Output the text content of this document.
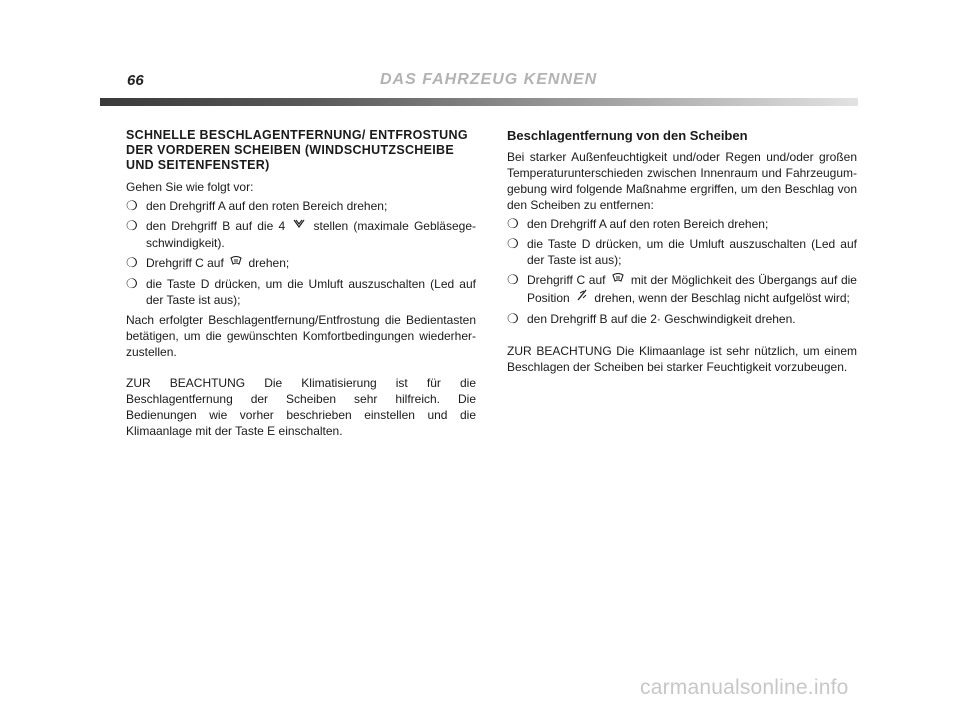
66	DAS FAHRZEUG KENNEN
SCHNELLE BESCHLAGENTFERNUNG/ ENTFROSTUNG DER VORDEREN SCHEIBEN (WINDSCHUTZSCHEIBE UND SEITENFENSTER)

Gehen Sie wie folgt vor:

❍ den Drehgriff A auf den roten Bereich drehen;
❍ den Drehgriff B auf die 4 stellen (maximale Gebläsegeschwindigkeit).
❍ Drehgriff C auf drehen;
❍ die Taste D drücken, um die Umluft auszuschalten (Led auf der Taste ist aus);

Nach erfolgter Beschlagentfernung/Entfrostung die Bedientasten betätigen, um die gewünschten Komfortbedingungen wiederherzustellen.

ZUR BEACHTUNG Die Klimatisierung ist für die Beschlagentfernung der Scheiben sehr hilfreich. Die Bedienungen wie vorher beschrieben einstellen und die Klimaanlage mit der Taste E einschalten.

Beschlagentfernung von den Scheiben

Bei starker Außenfeuchtigkeit und/oder Regen und/oder großen Temperaturunterschieden zwischen Innenraum und Fahrzeugumgebung wird folgende Maßnahme ergriffen, um den Beschlag von den Scheiben zu entfernen:

❍ den Drehgriff A auf den roten Bereich drehen;
❍ die Taste D drücken, um die Umluft auszuschalten (Led auf der Taste ist aus);
❍ Drehgriff C auf mit der Möglichkeit des Übergangs auf die Position drehen, wenn der Beschlag nicht aufgelöst wird;
❍ den Drehgriff B auf die 2· Geschwindigkeit drehen.

ZUR BEACHTUNG Die Klimaanlage ist sehr nützlich, um einem Beschlagen der Scheiben bei starker Feuchtigkeit vorzubeugen.

carmanualsonline.info
